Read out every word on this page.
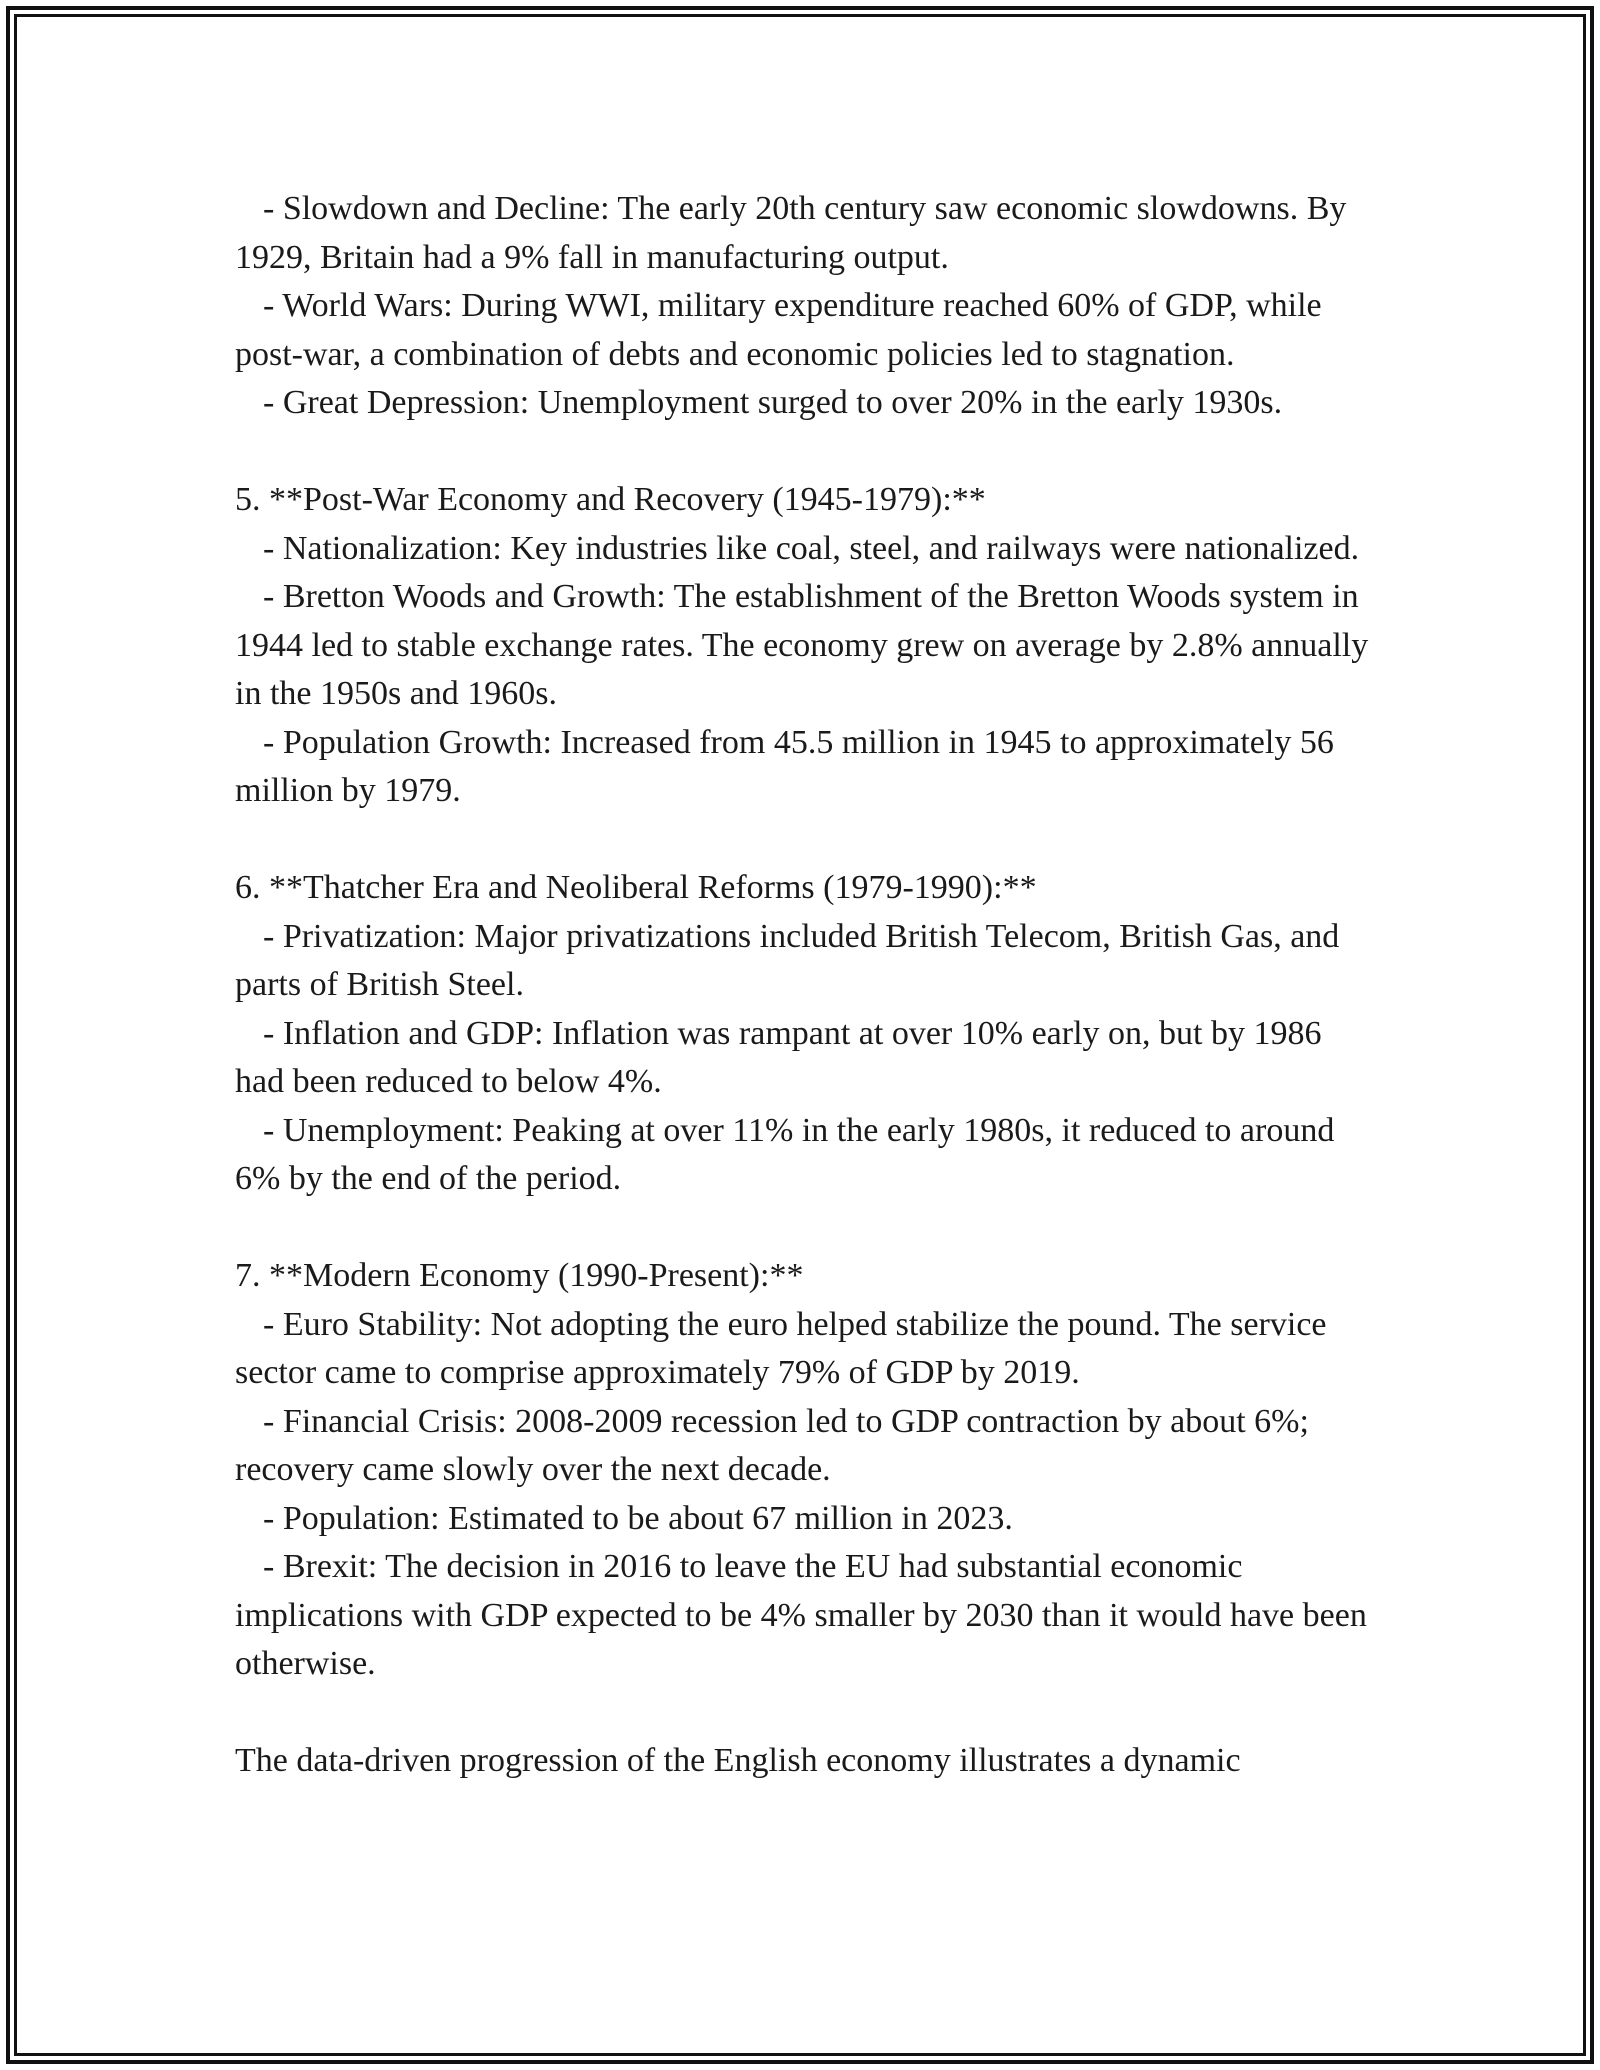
- Slowdown and Decline: The early 20th century saw economic slowdowns. By 1929, Britain had a 9% fall in manufacturing output.

- World Wars: During WWI, military expenditure reached 60% of GDP, while post-war, a combination of debts and economic policies led to stagnation.

- Great Depression: Unemployment surged to over 20% in the early 1930s.

5. **Post-War Economy and Recovery (1945-1979):**

- Nationalization: Key industries like coal, steel, and railways were nationalized.

- Bretton Woods and Growth: The establishment of the Bretton Woods system in 1944 led to stable exchange rates. The economy grew on average by 2.8% annually in the 1950s and 1960s.

- Population Growth: Increased from 45.5 million in 1945 to approximately 56 million by 1979.

6. **Thatcher Era and Neoliberal Reforms (1979-1990):**

- Privatization: Major privatizations included British Telecom, British Gas, and parts of British Steel.

- Inflation and GDP: Inflation was rampant at over 10% early on, but by 1986 had been reduced to below 4%.

- Unemployment: Peaking at over 11% in the early 1980s, it reduced to around 6% by the end of the period.

7. **Modern Economy (1990-Present):**

- Euro Stability: Not adopting the euro helped stabilize the pound. The service sector came to comprise approximately 79% of GDP by 2019.

- Financial Crisis: 2008-2009 recession led to GDP contraction by about 6%; recovery came slowly over the next decade.

- Population: Estimated to be about 67 million in 2023.

- Brexit: The decision in 2016 to leave the EU had substantial economic implications with GDP expected to be 4% smaller by 2030 than it would have been otherwise.

The data-driven progression of the English economy illustrates a dynamic
